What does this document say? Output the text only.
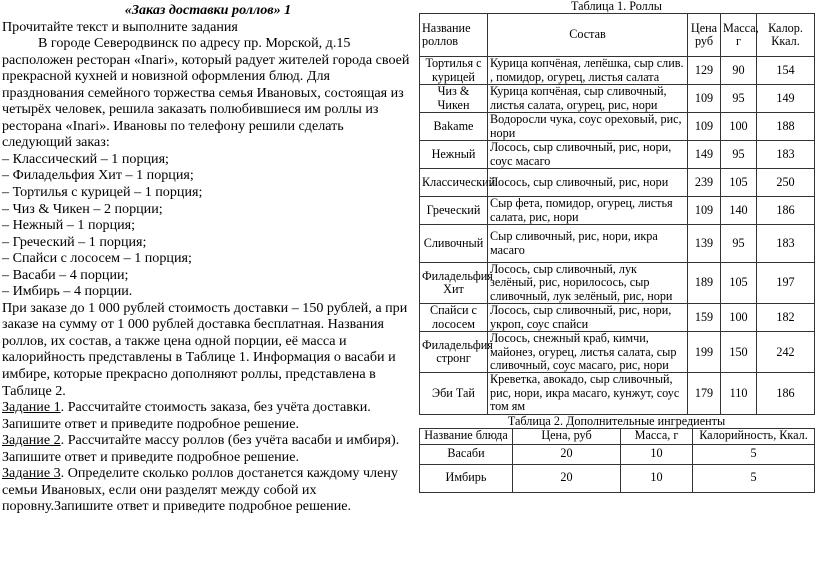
«Заказ доставки роллов» 1

Прочитайте текст и выполните задания

В городе Северодвинск по адресу пр. Морской, д.15 расположен ресторан «Inari», который радует жителей города своей прекрасной кухней и новизной оформления блюд. Для празднования семейного торжества семья Ивановых, состоящая из четырёх человек, решила заказать полюбившиеся им роллы из ресторана «Inari». Ивановы по телефону решили сделать следующий заказ:

– Классический – 1 порция;

– Филадельфия Хит – 1 порция;

– Тортилья с курицей – 1 порция;

– Чиз & Чикен – 2 порции;

– Нежный – 1 порция;

– Греческий – 1 порция;

– Спайси с лососем – 1 порция;

– Васаби – 4 порции;

– Имбирь – 4 порции.

При заказе до 1 000 рублей стоимость доставки – 150 рублей, а при заказе на сумму от 1 000 рублей доставка бесплатная. Названия роллов, их состав, а также цена одной порции, её масса и калорийность представлены в Таблице 1. Информация о васаби и имбире, которые прекрасно дополняют роллы, представлена в Таблице 2.

Задание 1. Рассчитайте стоимость заказа, без учёта доставки. Запишите ответ и приведите подробное решение.

Задание 2. Рассчитайте массу роллов (без учёта васаби и имбиря).

Запишите ответ и приведите подробное решение.

Задание 3. Определите сколько роллов достанется каждому члену семьи Ивановых, если они разделят между собой их поровну.Запишите ответ и приведите подробное решение.

Таблица 1. Роллы
Название роллов	Состав	Цена руб	Масса, г	Калор. Ккал.
Тортилья с курицей	Курица копчёная, лепёшка, сыр слив. , помидор, огурец, листья салата	129	90	154
Чиз & Чикен	Курица копчёная, сыр сливочный, листья салата, огурец, рис, нори	109	95	149
Ваkame	Водоросли чука, соус ореховый, рис, нори	109	100	188
Нежный	Лосось, сыр сливочный, рис, нори, соус масаго	149	95	183
Классический	Лосось, сыр сливочный, рис, нори	239	105	250
Греческий	Сыр фета, помидор, огурец, листья салата, рис, нори	109	140	186
Сливочный	Сыр сливочный, рис, нори, икра масаго	139	95	183
Филадельфия Хит	Лосось, сыр сливочный, лук зелёный, рис, норилосось, сыр сливочный, лук зелёный, рис, нори	189	105	197
Спайси с лососем	Лосось, сыр сливочный, рис, нори, укроп, соус спайси	159	100	182
Филадельфия стронг	Лосось, снежный краб, кимчи, майонез, огурец, листья салата, сыр сливочный, соус масаго, рис, нори	199	150	242
Эби Тай	Креветка, авокадо, сыр сливочный, рис, нори, икра масаго, кунжут, соус том ям	179	110	186
Таблица 2. Дополнительные ингредиенты
Название блюда	Цена, руб	Масса, г	Калорийность, Ккал.
Васаби	20	10	5
Имбирь	20	10	5
